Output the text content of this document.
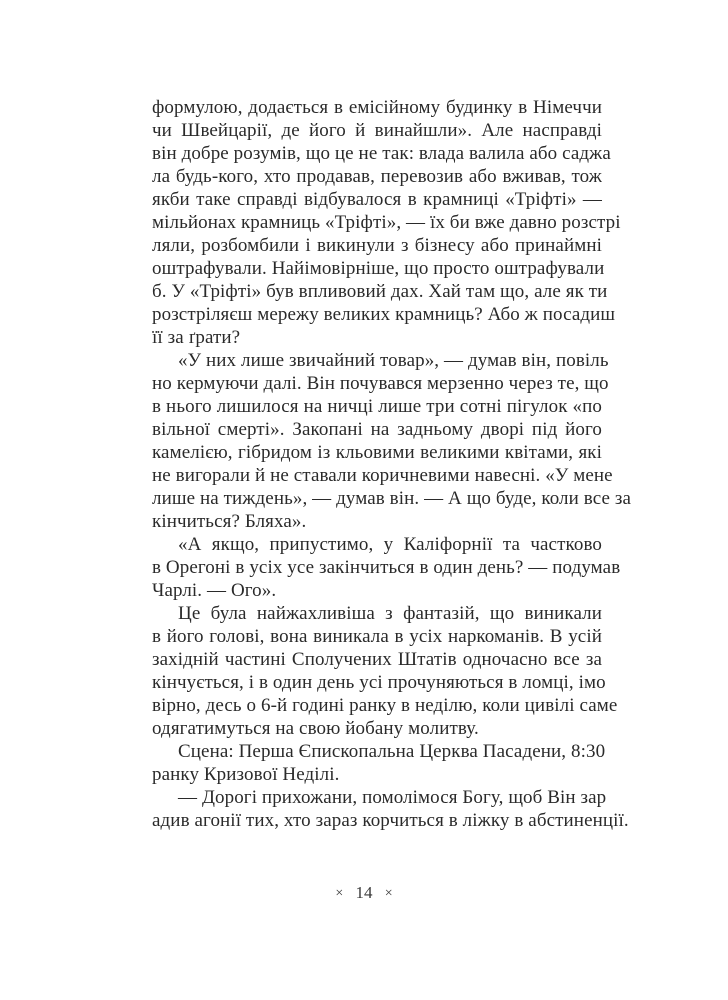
формулою, додається в емісійному будинку в Німеччи
чи Швейцарії, де його й винайшли». Але насправді
він добре розумів, що це не так: влада валила або саджа
ла будь-кого, хто продавав, перевозив або вживав, тож
якби таке справді відбувалося в крамниці «Тріфті» —
мільйонах крамниць «Тріфті», — їх би вже давно розстрі
ляли, розбомбили і викинули з бізнесу або принаймні
оштрафували. Найімовірніше, що просто оштрафували
б. У «Тріфті» був впливовий дах. Хай там що, але як ти
розстріляєш мережу великих крамниць? Або ж посадиш
її за ґрати?
«У них лише звичайний товар», — думав він, повіль
но кермуючи далі. Він почувався мерзенно через те, що
в нього лишилося на ничці лише три сотні пігулок «по
вільної смерті». Закопані на задньому дворі під його
камелією, гібридом із кльовими великими квітами, які
не вигорали й не ставали коричневими навесні. «У мене
лише на тиждень», — думав він. — А що буде, коли все за
кінчиться? Бляха».
«А якщо, припустимо, у Каліфорнії та частково
в Орегоні в усіх усе закінчиться в один день? — подумав
Чарлі. — Ого».
Це була найжахливіша з фантазій, що виникали
в його голові, вона виникала в усіх наркоманів. В усій
західній частині Сполучених Штатів одночасно все за
кінчується, і в один день усі прочуняються в ломці, імо
вірно, десь о 6-й годині ранку в неділю, коли цивілі саме
одягатимуться на свою йобану молитву.
Сцена: Перша Єпископальна Церква Пасадени, 8:30
ранку Кризової Неділі.
— Дорогі прихожани, помолімося Богу, щоб Він зар
адив агонії тих, хто зараз корчиться в ліжку в абстиненції.
× 14 ×
